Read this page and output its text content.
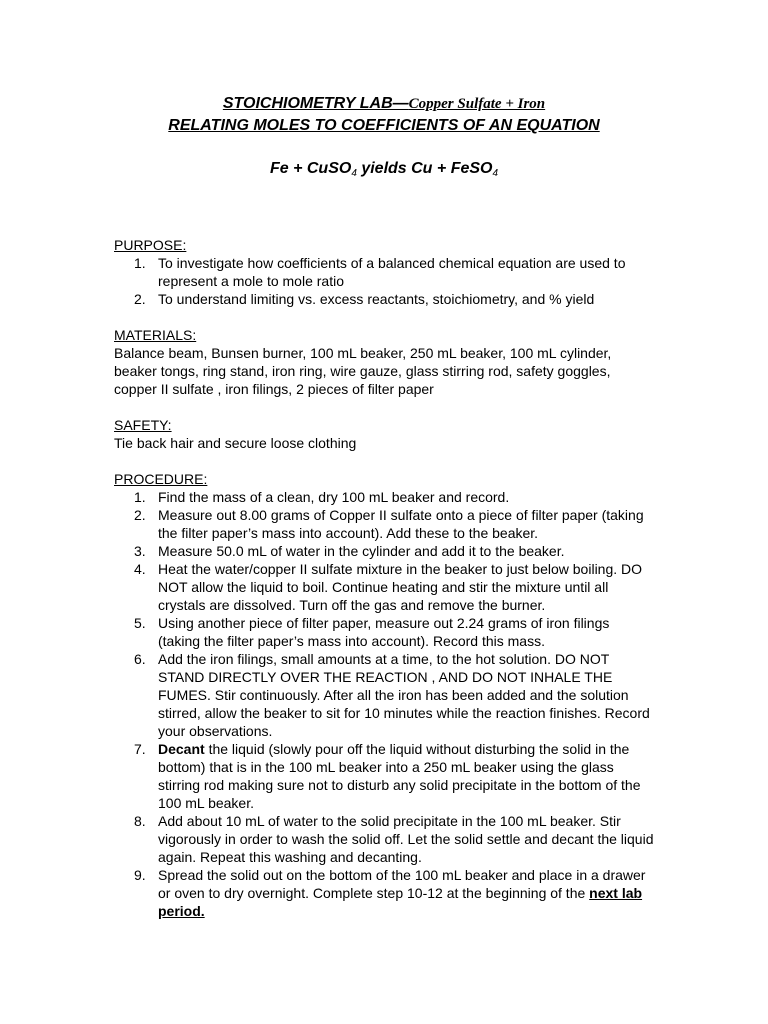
STOICHIOMETRY LAB—Copper Sulfate + Iron

RELATING MOLES TO COEFFICIENTS OF AN EQUATION

Fe + CuSO$_4$ yields Cu + FeSO$_4$

PURPOSE:

1. To investigate how coefficients of a balanced chemical equation are used to represent a mole to mole ratio
2. To understand limiting vs. excess reactants, stoichiometry, and % yield

MATERIALS:

Balance beam, Bunsen burner, 100 mL beaker, 250 mL beaker, 100 mL cylinder, beaker tongs, ring stand, iron ring, wire gauze, glass stirring rod, safety goggles, copper II sulfate , iron filings, 2 pieces of filter paper

SAFETY:

Tie back hair and secure loose clothing

PROCEDURE:

1. Find the mass of a clean, dry 100 mL beaker and record.
2. Measure out 8.00 grams of Copper II sulfate onto a piece of filter paper (taking the filter paper’s mass into account). Add these to the beaker.
3. Measure 50.0 mL of water in the cylinder and add it to the beaker.
4. Heat the water/copper II sulfate mixture in the beaker to just below boiling. DO NOT allow the liquid to boil. Continue heating and stir the mixture until all crystals are dissolved. Turn off the gas and remove the burner.
5. Using another piece of filter paper, measure out 2.24 grams of iron filings (taking the filter paper’s mass into account). Record this mass.
6. Add the iron filings, small amounts at a time, to the hot solution. DO NOT STAND DIRECTLY OVER THE REACTION , AND DO NOT INHALE THE FUMES. Stir continuously. After all the iron has been added and the solution stirred, allow the beaker to sit for 10 minutes while the reaction finishes. Record your observations.
7. Decant the liquid (slowly pour off the liquid without disturbing the solid in the bottom) that is in the 100 mL beaker into a 250 mL beaker using the glass stirring rod making sure not to disturb any solid precipitate in the bottom of the 100 mL beaker.
8. Add about 10 mL of water to the solid precipitate in the 100 mL beaker. Stir vigorously in order to wash the solid off. Let the solid settle and decant the liquid again. Repeat this washing and decanting.
9. Spread the solid out on the bottom of the 100 mL beaker and place in a drawer or oven to dry overnight. Complete step 10-12 at the beginning of the next lab period.
